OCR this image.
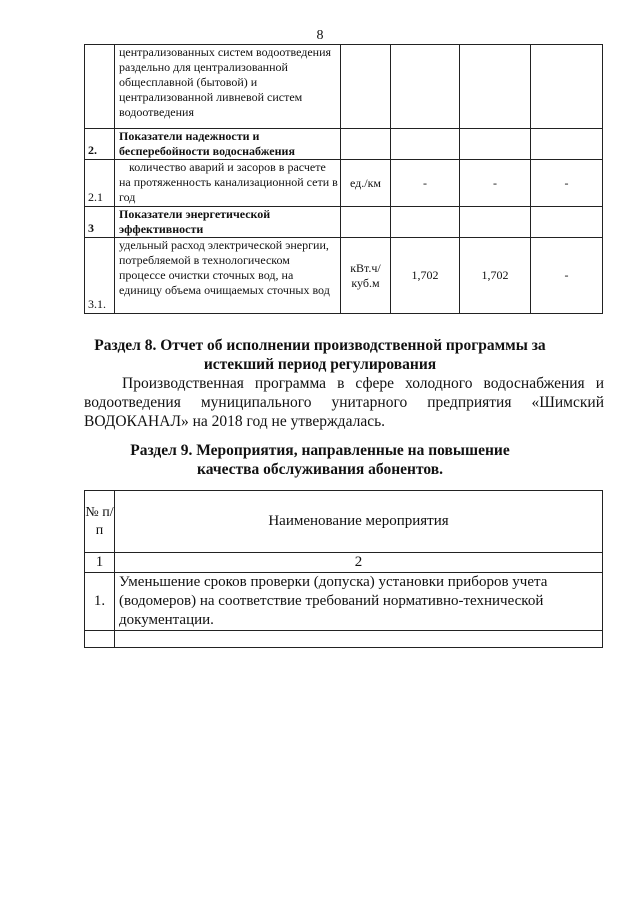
8
	централизованных систем водоотведения раздельно для централизованной общесплавной (бытовой) и централизованной ливневой систем водоотведения				
2.	Показатели надежности и бесперебойности водоснабжения				
2.1	количество аварий и засоров в расчете на протяженность канализационной сети в год	ед./км	-	-	-
3	Показатели энергетической эффективности				
3.1.	удельный расход электрической энергии, потребляемой в технологическом процессе очистки сточных вод, на единицу объема очищаемых сточных вод	кВт.ч/ куб.м	1,702	1,702	-
Раздел 8. Отчет об исполнении производственной программы за
истекший период регулирования
Производственная программа в сфере холодного водоснабжения и
водоотведения муниципального унитарного предприятия «Шимский
ВОДОКАНАЛ» на 2018 год не утверждалась.
Раздел 9. Мероприятия, направленные на повышение
качества обслуживания абонентов.
№ п/ п	Наименование мероприятия
1	2
1.	Уменьшение сроков проверки (допуска) установки приборов учета (водомеров) на соответствие требований нормативно-технической документации.
